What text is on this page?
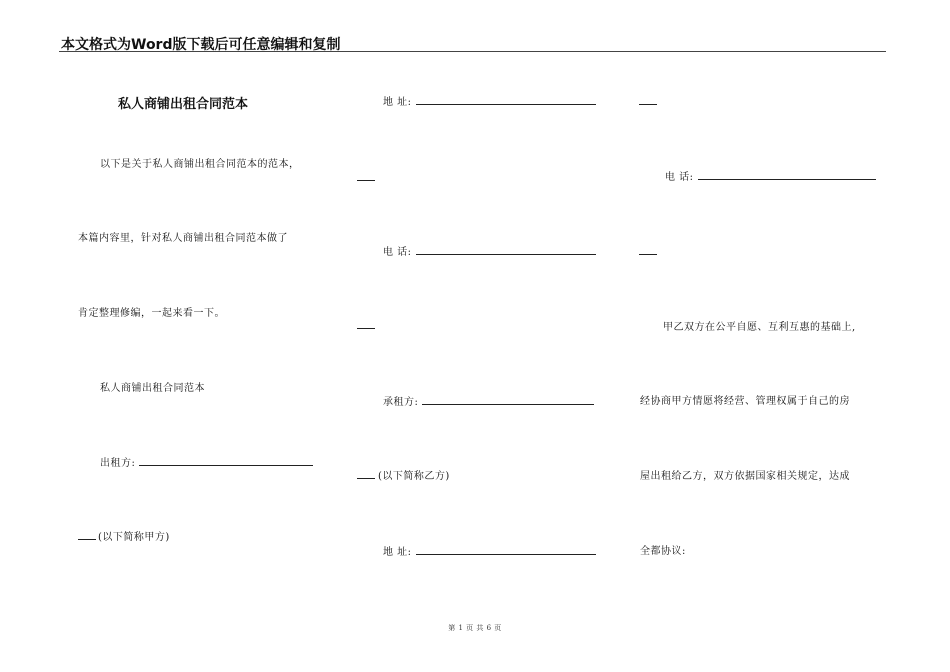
本文格式为Word版下载后可任意编辑和复制
私人商铺出租合同范本
以下是关于私人商铺出租合同范本的范本，
本篇内容里，针对私人商铺出租合同范本做了
肯定整理修编，一起来看一下。
私人商铺出租合同范本
出租方:
(以下简称甲方)
地 址:
电 话:
承租方:
(以下简称乙方)
地 址:
电 话:
甲乙双方在公平自愿、互利互惠的基础上,
经协商甲方情愿将经营、管理权属于自己的房
屋出租给乙方，双方依据国家相关规定，达成
全都协议:
第 1 页 共 6 页
